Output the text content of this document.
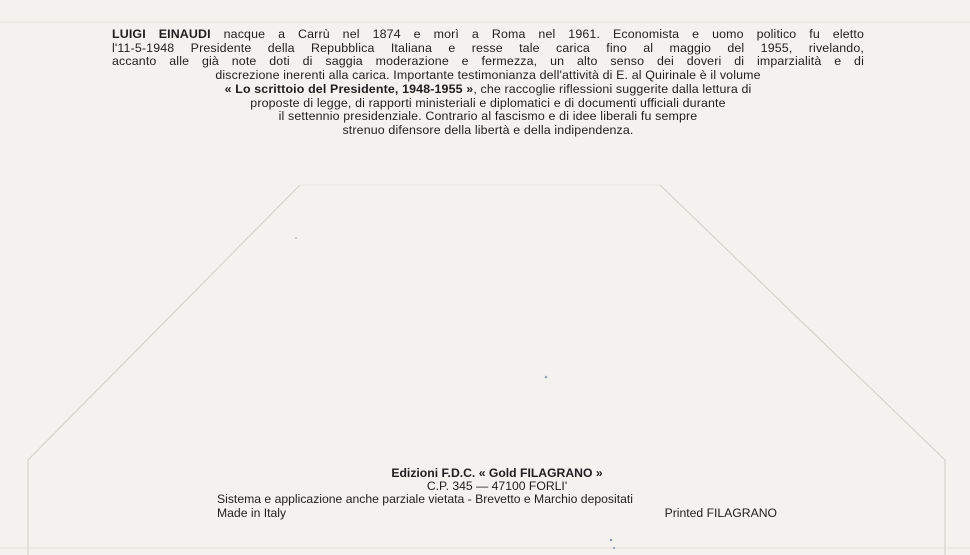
LUIGI EINAUDI nacque a Carrù nel 1874 e morì a Roma nel 1961. Economista e uomo politico fu eletto
l'11-5-1948 Presidente della Repubblica Italiana e resse tale carica fino al maggio del 1955, rivelando,
accanto alle già note doti di saggia moderazione e fermezza, un alto senso dei doveri di imparzialità e di
discrezione inerenti alla carica. Importante testimonianza dell'attività di E. al Quirinale è il volume
« Lo scrittoio del Presidente, 1948-1955 », che raccoglie riflessioni suggerite dalla lettura di
proposte di legge, di rapporti ministeriali e diplomatici e di documenti ufficiali durante
il settennio presidenziale. Contrario al fascismo e di idee liberali fu sempre
strenuo difensore della libertà e della indipendenza.
Edizioni F.D.C. « Gold FILAGRANO »
C.P. 345 — 47100 FORLI'
Sistema e applicazione anche parziale vietata - Brevetto e Marchio depositati
Made in Italy	Printed FILAGRANO
